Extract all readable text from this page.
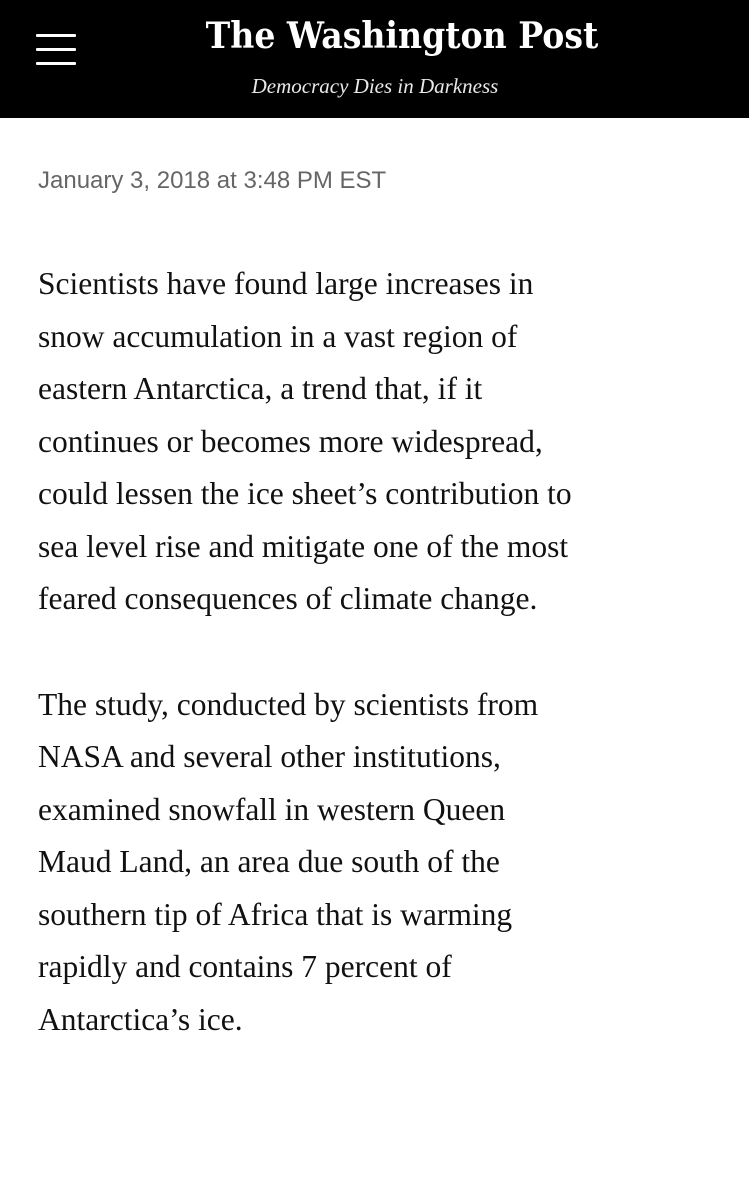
The Washington Post
Democracy Dies in Darkness
January 3, 2018 at 3:48 PM EST

Scientists have found large increases in
snow accumulation in a vast region of
eastern Antarctica, a trend that, if it
continues or becomes more widespread,
could lessen the ice sheet’s contribution to
sea level rise and mitigate one of the most
feared consequences of climate change.

The study, conducted by scientists from
NASA and several other institutions,
examined snowfall in western Queen
Maud Land, an area due south of the
southern tip of Africa that is warming
rapidly and contains 7 percent of
Antarctica’s ice.
